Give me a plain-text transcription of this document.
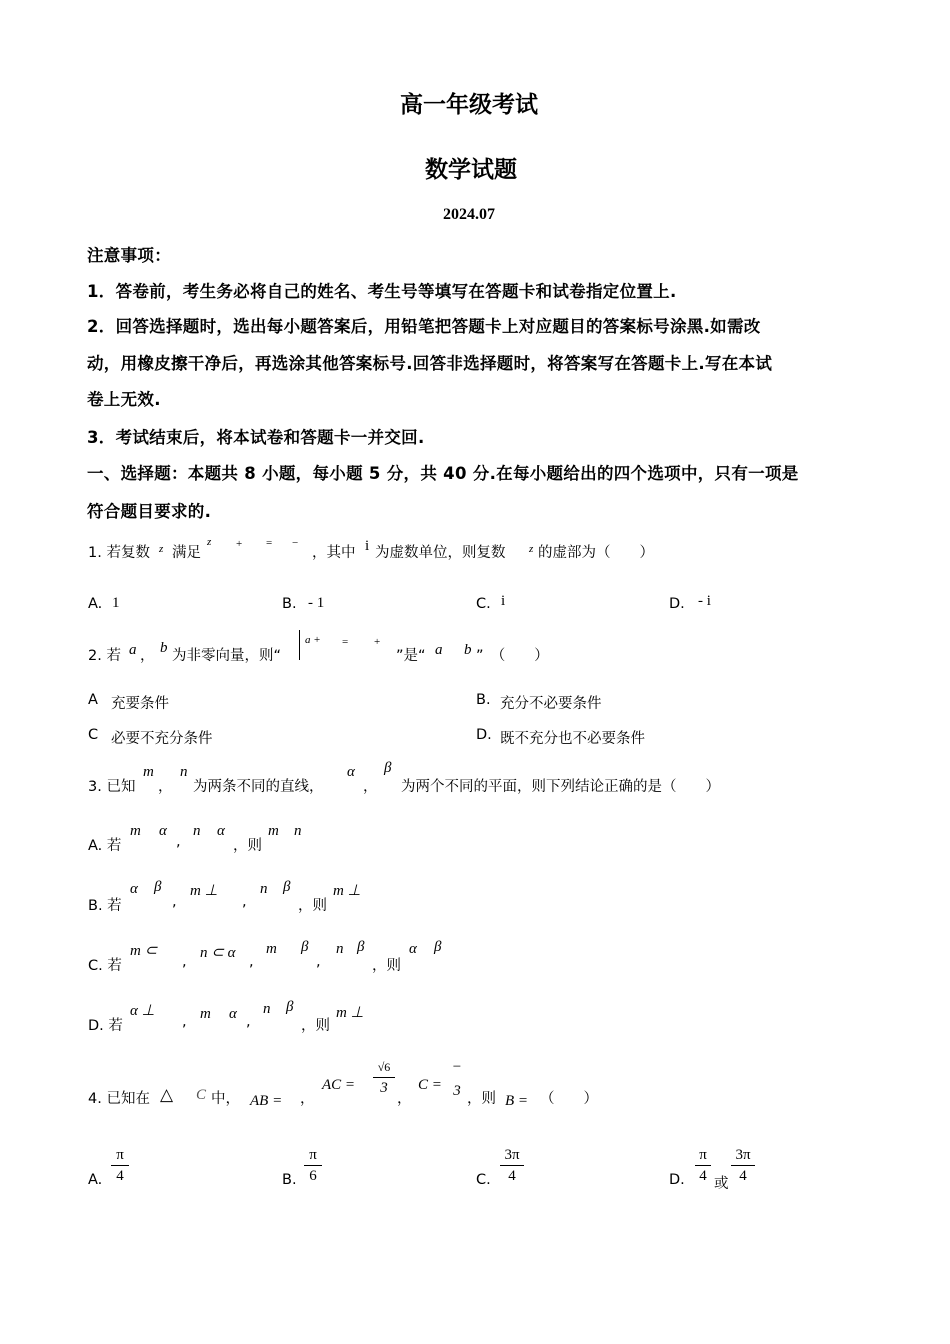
高一年级考试
数学试题
2024.07
注意事项：
1．答卷前，考生务必将自己的姓名、考生号等填写在答题卡和试卷指定位置上.
2．回答选择题时，选出每小题答案后，用铅笔把答题卡上对应题目的答案标号涂黑.如需改
动，用橡皮擦干净后，再选涂其他答案标号.回答非选择题时，将答案写在答题卡上.写在本试
卷上无效.
3．考试结束后，将本试卷和答题卡一并交回.
一、选择题：本题共 8 小题，每小题 5 分，共 40 分.在每小题给出的四个选项中，只有一项是
符合题目要求的.
1. 若复数 z 满足
z + = −
，其中 i 为虚数单位，则复数 z 的虚部为（　　）
A. 1	B. - 1	C. i	D. - i
2. 若 a ， b 为非零向量，则“
a + = +
”是“ a b ”　（　　）
A 充要条件	B. 充分不必要条件
C 必要不充分条件	D. 既不充分也不必要条件
3. 已知
m
，
n
为两条不同的直线，
α
，
β
为两个不同的平面，则下列结论正确的是（　　）
A. 若
m α
,
n α
，则
m n
B. 若
α β
,
m ⊥
,
n β
，则
m ⊥
C. 若
m ⊂
,
n ⊂ α
,
m β
,
n β
，则
α β
D. 若
α ⊥
, m α ,
n β
，则
m ⊥
4. 已知在 △ C 中， AB = ，
AC =
√6
3
，
C =
−
3 ，则 B = （　　）
A.
π
4	B.
π
6	C.
3π
4	D.
π
4 或
3π
4
